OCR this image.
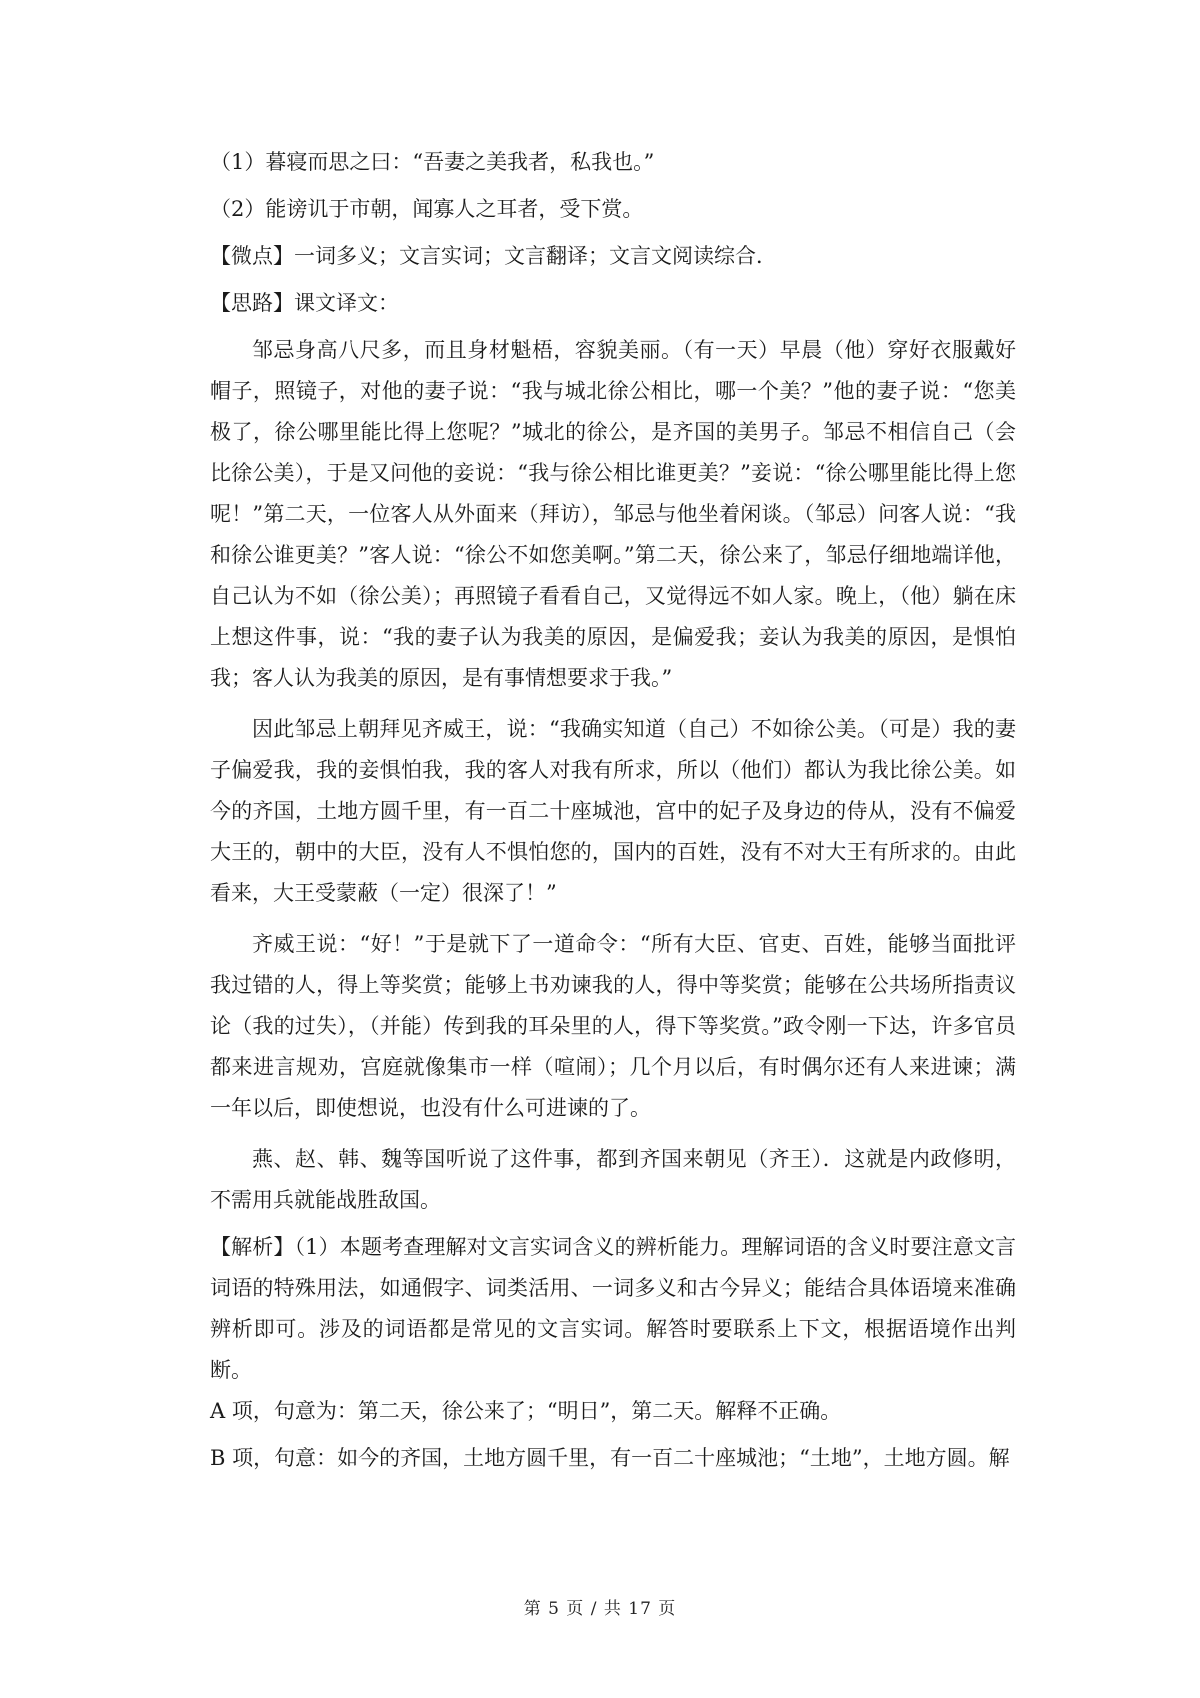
（1）暮寝而思之曰：“吾妻之美我者，私我也。”
（2）能谤讥于市朝，闻寡人之耳者，受下赏。
【微点】一词多义；文言实词；文言翻译；文言文阅读综合．
【思路】课文译文：

邹忌身高八尺多，而且身材魁梧，容貌美丽。（有一天）早晨（他）穿好衣服戴好 帽子，照镜子，对他的妻子说：“我与城北徐公相比，哪一个美？”他的妻子说：“您美极了，徐公哪里能比得上您呢？”城北的徐公，是齐国的美男子。邹忌不相信自己（会比徐公美），于是又问他的妾说：“我与徐公相比谁更美？”妾说：“徐公哪里能比得上您呢！”第二天，一位客人从外面来（拜访），邹忌与他坐着闲谈。（邹忌）问客人说：“我和徐公谁更美？”客人说：“徐公不如您美啊。”第二天，徐公来了，邹忌仔细地端详他，自己认为不如（徐公美）；再照镜子看看自己，又觉得远不如人家。晚上，（他）躺在床上想这件事，说：“我的妻子认为我美的原因，是偏爱我；妾认为我美的原因，是惧怕我；客人认为我美的原因，是有事情想要求于我。”

因此邹忌上朝拜见齐威王，说：“我确实知道（自己）不如徐公美。（可是）我的妻子偏爱我，我的妾惧怕我，我的客人对我有所求，所以（他们）都认为我比徐公美。如今的齐国，土地方圆千里，有一百二十座城池，宫中的妃子及身边的侍从，没有不偏爱大王的，朝中的大臣，没有人不惧怕您的，国内的百姓，没有不对大王有所求的。由此看来，大王受蒙蔽（一定）很深了！”

齐威王说：“好！”于是就下了一道命令：“所有大臣、官吏、百姓，能够当面批评我过错的人，得上等奖赏；能够上书劝谏我的人，得中等奖赏；能够在公共场所指责议论（我的过失），（并能）传到我的耳朵里的人，得下等奖赏。”政令刚一下达，许多官员都来进言规劝，宫庭就像集市一样（喧闹）；几个月以后，有时偶尔还有人来进谏；满一年以后，即使想说，也没有什么可进谏的了。

燕、赵、韩、魏等国听说了这件事，都到齐国来朝见（齐王）．这就是内政修明，不需用兵就能战胜敌国。

【解析】（1）本题考查理解对文言实词含义的辨析能力。理解词语的含义时要注意文言词语的特殊用法，如通假字、词类活用、一词多义和古今异义；能结合具体语境来准确辨析即可。涉及的词语都是常见的文言实词。解答时要联系上下文，根据语境作出判断。

A 项，句意为：第二天，徐公来了；“明日”，第二天。解释不正确。

B 项，句意：如今的齐国，土地方圆千里，有一百二十座城池；“土地”，土地方圆。解

第 5 页 / 共 17 页
